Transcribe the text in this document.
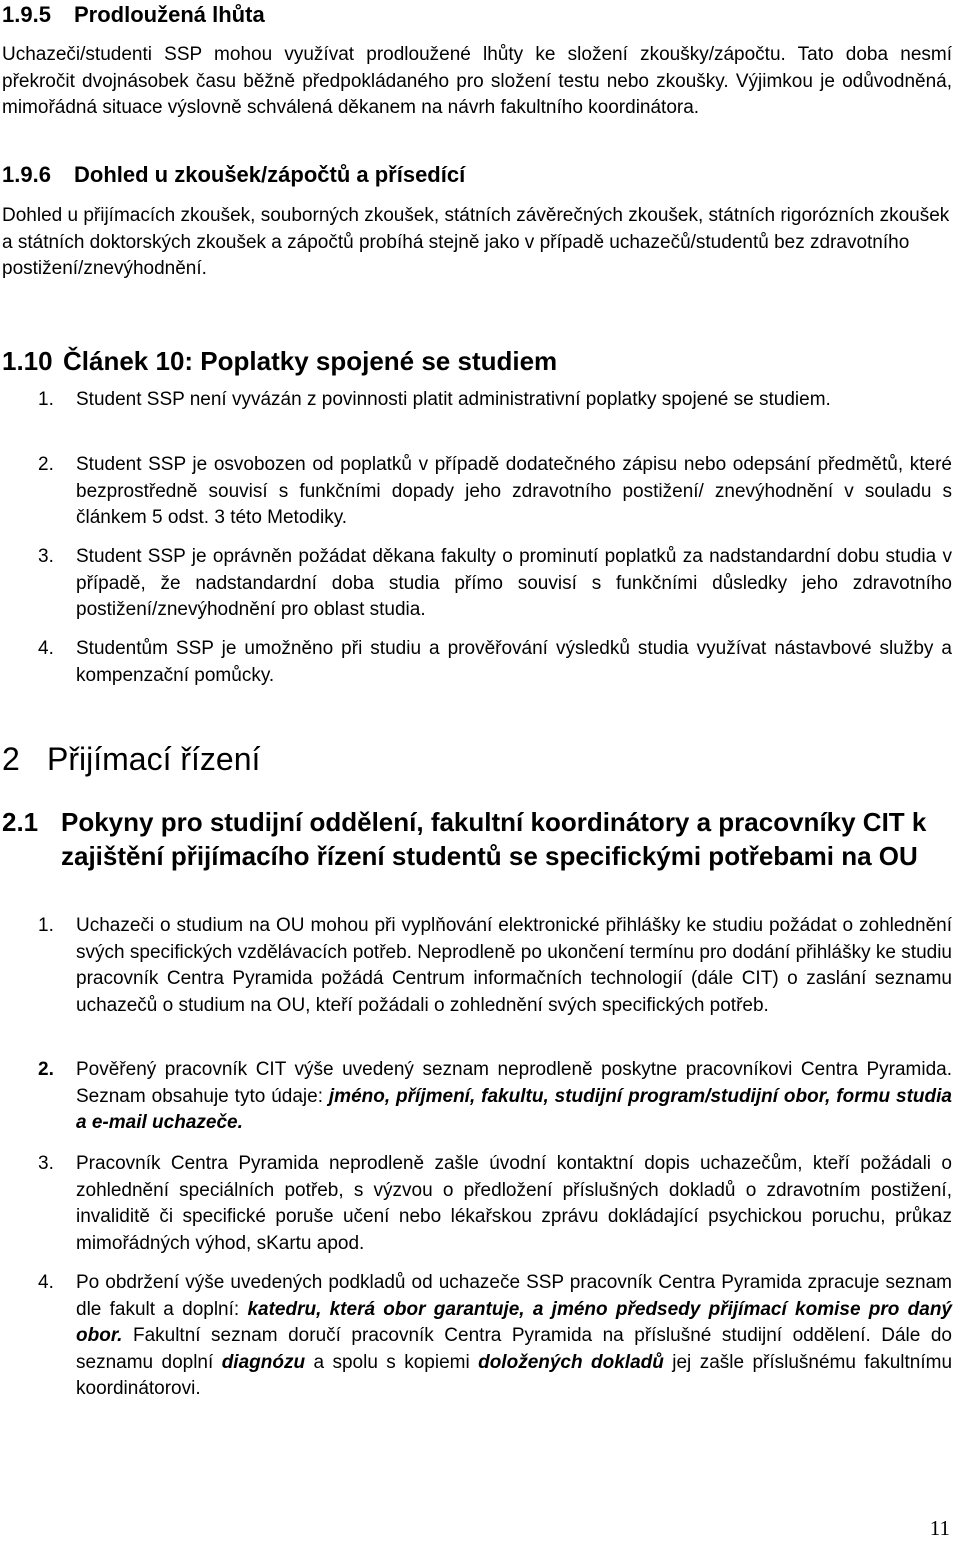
1.9.5 Prodloužená lhůta
Uchazeči/studenti SSP mohou využívat prodloužené lhůty ke složení zkoušky/zápočtu. Tato doba nesmí překročit dvojnásobek času běžně předpokládaného pro složení testu nebo zkoušky. Výjimkou je odůvodněná, mimořádná situace výslovně schválená děkanem na návrh fakultního koordinátora.
1.9.6 Dohled u zkoušek/zápočtů a přísedící
Dohled u přijímacích zkoušek, souborných zkoušek, státních závěrečných zkoušek, státních rigorózních zkoušek a státních doktorských zkoušek a zápočtů probíhá stejně jako v případě uchazečů/studentů bez zdravotního postižení/znevýhodnění.
1.10 Článek 10: Poplatky spojené se studiem
1. Student SSP není vyvázán z povinnosti platit administrativní poplatky spojené se studiem.
2. Student SSP je osvobozen od poplatků v případě dodatečného zápisu nebo odepsání předmětů, které bezprostředně souvisí s funkčními dopady jeho zdravotního postižení/ znevýhodnění v souladu s článkem 5 odst. 3 této Metodiky.
3. Student SSP je oprávněn požádat děkana fakulty o prominutí poplatků za nadstandardní dobu studia v případě, že nadstandardní doba studia přímo souvisí s funkčními důsledky jeho zdravotního postižení/znevýhodnění pro oblast studia.
4. Studentům SSP je umožněno při studiu a prověřování výsledků studia využívat nástavbové služby a kompenzační pomůcky.
2 Přijímací řízení
2.1 Pokyny pro studijní oddělení, fakultní koordinátory a pracovníky CIT k zajištění přijímacího řízení studentů se specifickými potřebami na OU
1. Uchazeči o studium na OU mohou při vyplňování elektronické přihlášky ke studiu požádat o zohlednění svých specifických vzdělávacích potřeb. Neprodleně po ukončení termínu pro dodání přihlášky ke studiu pracovník Centra Pyramida požádá Centrum informačních technologií (dále CIT) o zaslání seznamu uchazečů o studium na OU, kteří požádali o zohlednění svých specifických potřeb.
2. Pověřený pracovník CIT výše uvedený seznam neprodleně poskytne pracovníkovi Centra Pyramida. Seznam obsahuje tyto údaje: jméno, příjmení, fakultu, studijní program/studijní obor, formu studia a e-mail uchazeče.
3. Pracovník Centra Pyramida neprodleně zašle úvodní kontaktní dopis uchazečům, kteří požádali o zohlednění speciálních potřeb, s výzvou o předložení příslušných dokladů o zdravotním postižení, invaliditě či specifické poruše učení nebo lékařskou zprávu dokládající psychickou poruchu, průkaz mimořádných výhod, sKartu apod.
4. Po obdržení výše uvedených podkladů od uchazeče SSP pracovník Centra Pyramida zpracuje seznam dle fakult a doplní: katedru, která obor garantuje, a jméno předsedy přijímací komise pro daný obor. Fakultní seznam doručí pracovník Centra Pyramida na příslušné studijní oddělení. Dále do seznamu doplní diagnózu a spolu s kopiemi doložených dokladů jej zašle příslušnému fakultnímu koordinátorovi.
11
